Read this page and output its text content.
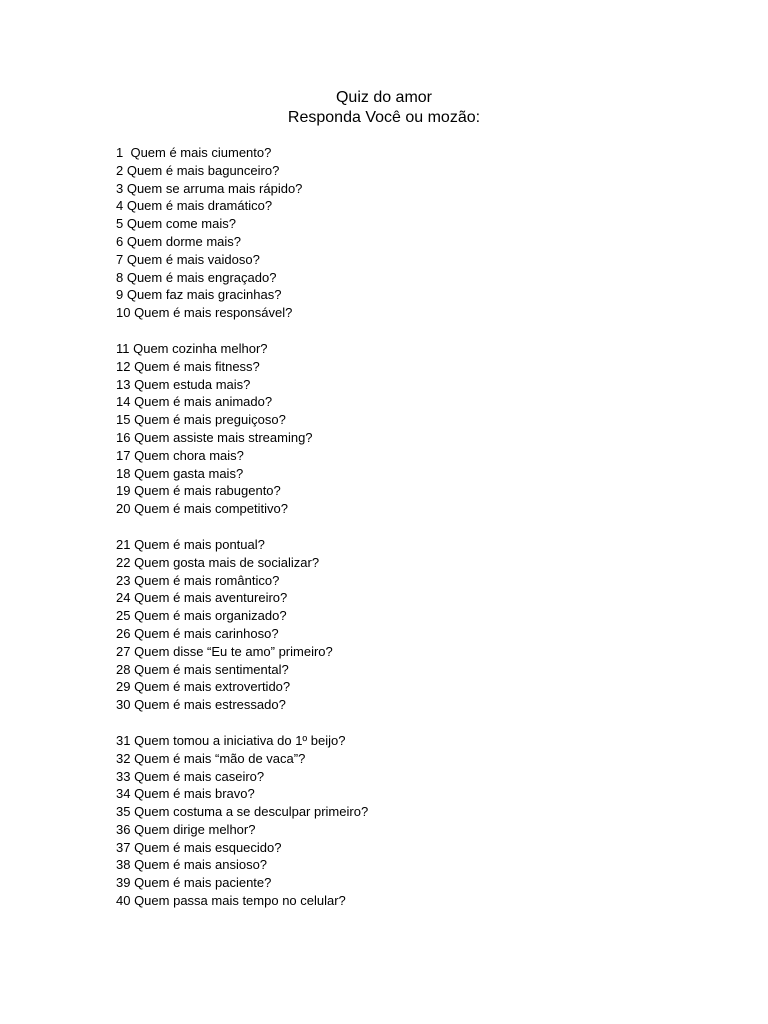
Quiz do amor
Responda Você ou mozão:
1  Quem é mais ciumento?
2 Quem é mais bagunceiro?
3 Quem se arruma mais rápido?
4 Quem é mais dramático?
5 Quem come mais?
6 Quem dorme mais?
7 Quem é mais vaidoso?
8 Quem é mais engraçado?
9 Quem faz mais gracinhas?
10 Quem é mais responsável?
11 Quem cozinha melhor?
12 Quem é mais fitness?
13 Quem estuda mais?
14 Quem é mais animado?
15 Quem é mais preguiçoso?
16 Quem assiste mais streaming?
17 Quem chora mais?
18 Quem gasta mais?
19 Quem é mais rabugento?
20 Quem é mais competitivo?
21 Quem é mais pontual?
22 Quem gosta mais de socializar?
23 Quem é mais romântico?
24 Quem é mais aventureiro?
25 Quem é mais organizado?
26 Quem é mais carinhoso?
27 Quem disse “Eu te amo” primeiro?
28 Quem é mais sentimental?
29 Quem é mais extrovertido?
30 Quem é mais estressado?
31 Quem tomou a iniciativa do 1º beijo?
32 Quem é mais “mão de vaca”?
33 Quem é mais caseiro?
34 Quem é mais bravo?
35 Quem costuma a se desculpar primeiro?
36 Quem dirige melhor?
37 Quem é mais esquecido?
38 Quem é mais ansioso?
39 Quem é mais paciente?
40 Quem passa mais tempo no celular?
